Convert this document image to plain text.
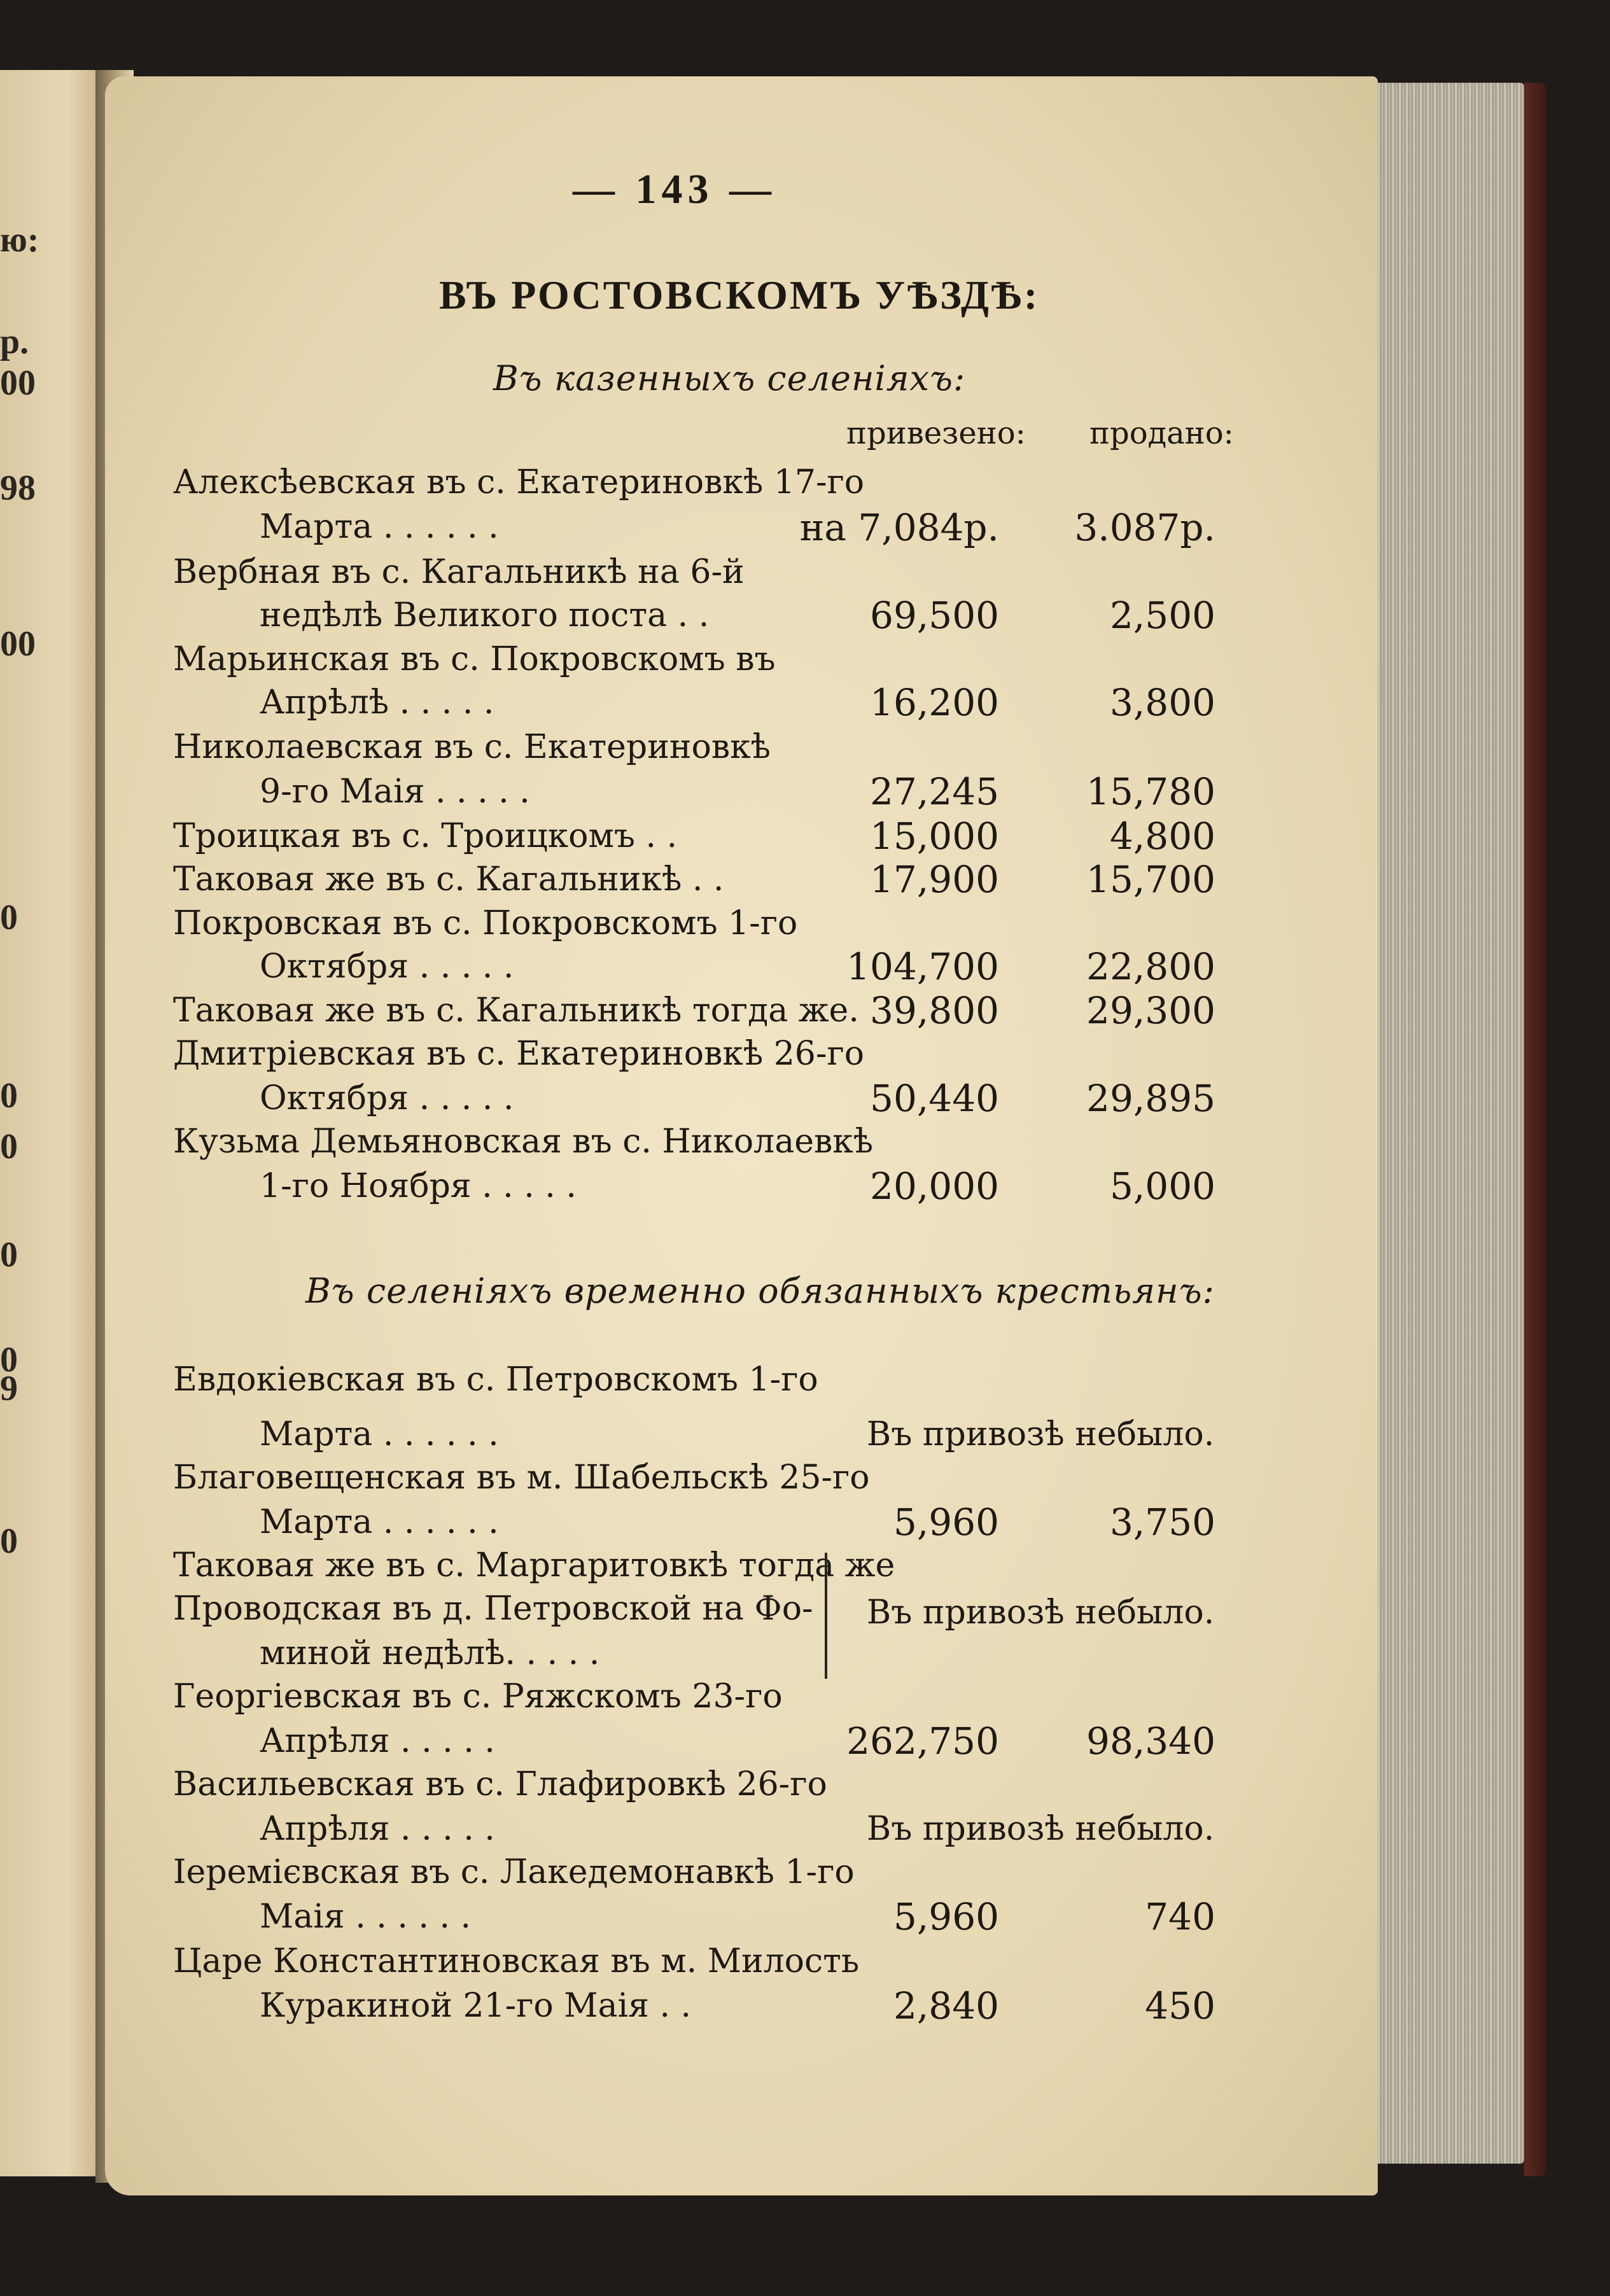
ю:
р.
00
98
00
0
0
0
0
0
9
0
— 143 —
ВЪ РОСТОВСКОМЪ УѢЗДѢ:
Въ казенныхъ селеніяхъ:
привезено: продано:
Алексѣевская въ с. Екатериновкѣ 17-го
Марта . . . . . .	на 7,084р.	3.087р.
Вербная въ с. Кагальникѣ на 6-й
недѣлѣ Великого поста . .	69,500	2,500
Марьинская въ с. Покровскомъ въ
Апрѣлѣ . . . . .	16,200	3,800
Николаевская въ с. Екатериновкѣ
9-го Маія . . . . .	27,245	15,780
Троицкая въ с. Троицкомъ . .	15,000	4,800
Таковая же въ с. Кагальникѣ . .	17,900	15,700
Покровская въ с. Покровскомъ 1-го
Октября . . . . .	104,700	22,800
Таковая же въ с. Кагальникѣ тогда же. 39,800	29,300
Дмитріевская въ с. Екатериновкѣ 26-го
Октября . . . . .	50,440	29,895
Кузьма Демьяновская въ с. Николаевкѣ
1-го Ноября . . . . .	20,000	5,000
Въ селеніяхъ временно обязанныхъ крестьянъ:
Евдокіевская въ с. Петровскомъ 1-го
Марта . . . . . .	Въ привозѣ небыло.
Благовещенская въ м. Шабельскѣ 25-го
Марта . . . . . .	5,960	3,750
Таковая же въ с. Маргаритовкѣ тогда же
Проводская въ д. Петровской на Фо-
миной недѣлѣ. . . . .
Въ привозѣ небыло.
Георгіевская въ с. Ряжскомъ 23-го
Апрѣля . . . . .	262,750	98,340
Васильевская въ с. Глафировкѣ 26-го
Апрѣля . . . . .	Въ привозѣ небыло.
Іеремієвская въ с. Лакедемонавкѣ 1-го
Маія . . . . . .	5,960	740
Царе Константиновская въ м. Милость
Куракиной 21-го Маія . .	2,840	450
